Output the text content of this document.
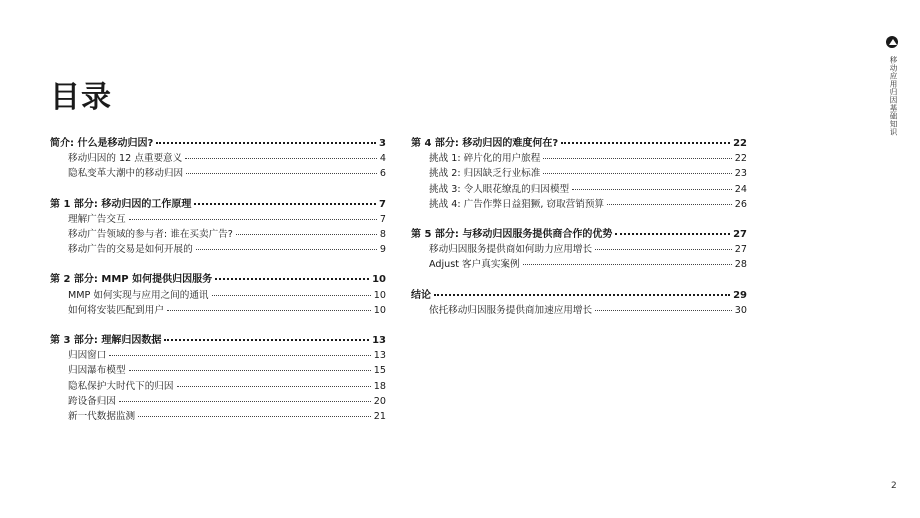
目录	移动应用归因基础知识
简介: 什么是移动归因?	3
移动归因的 12 点重要意义	4
隐私变革大潮中的移动归因	6
第 1 部分: 移动归因的工作原理	7
理解广告交互	7
移动广告领域的参与者: 谁在买卖广告?	8
移动广告的交易是如何开展的	9
第 2 部分: MMP 如何提供归因服务	10
MMP 如何实现与应用之间的通讯	10
如何将安装匹配到用户	10
第 3 部分: 理解归因数据	13
归因窗口	13
归因瀑布模型	15
隐私保护大时代下的归因	18
跨设备归因	20
新一代数据监测	21
第 4 部分: 移动归因的难度何在?	22
挑战 1: 碎片化的用户旅程	22
挑战 2: 归因缺乏行业标准	23
挑战 3: 令人眼花缭乱的归因模型	24
挑战 4: 广告作弊日益猖獗, 窃取营销预算	26
第 5 部分: 与移动归因服务提供商合作的优势	27
移动归因服务提供商如何助力应用增长	27
Adjust 客户真实案例	28
结论	29
依托移动归因服务提供商加速应用增长	30
2
